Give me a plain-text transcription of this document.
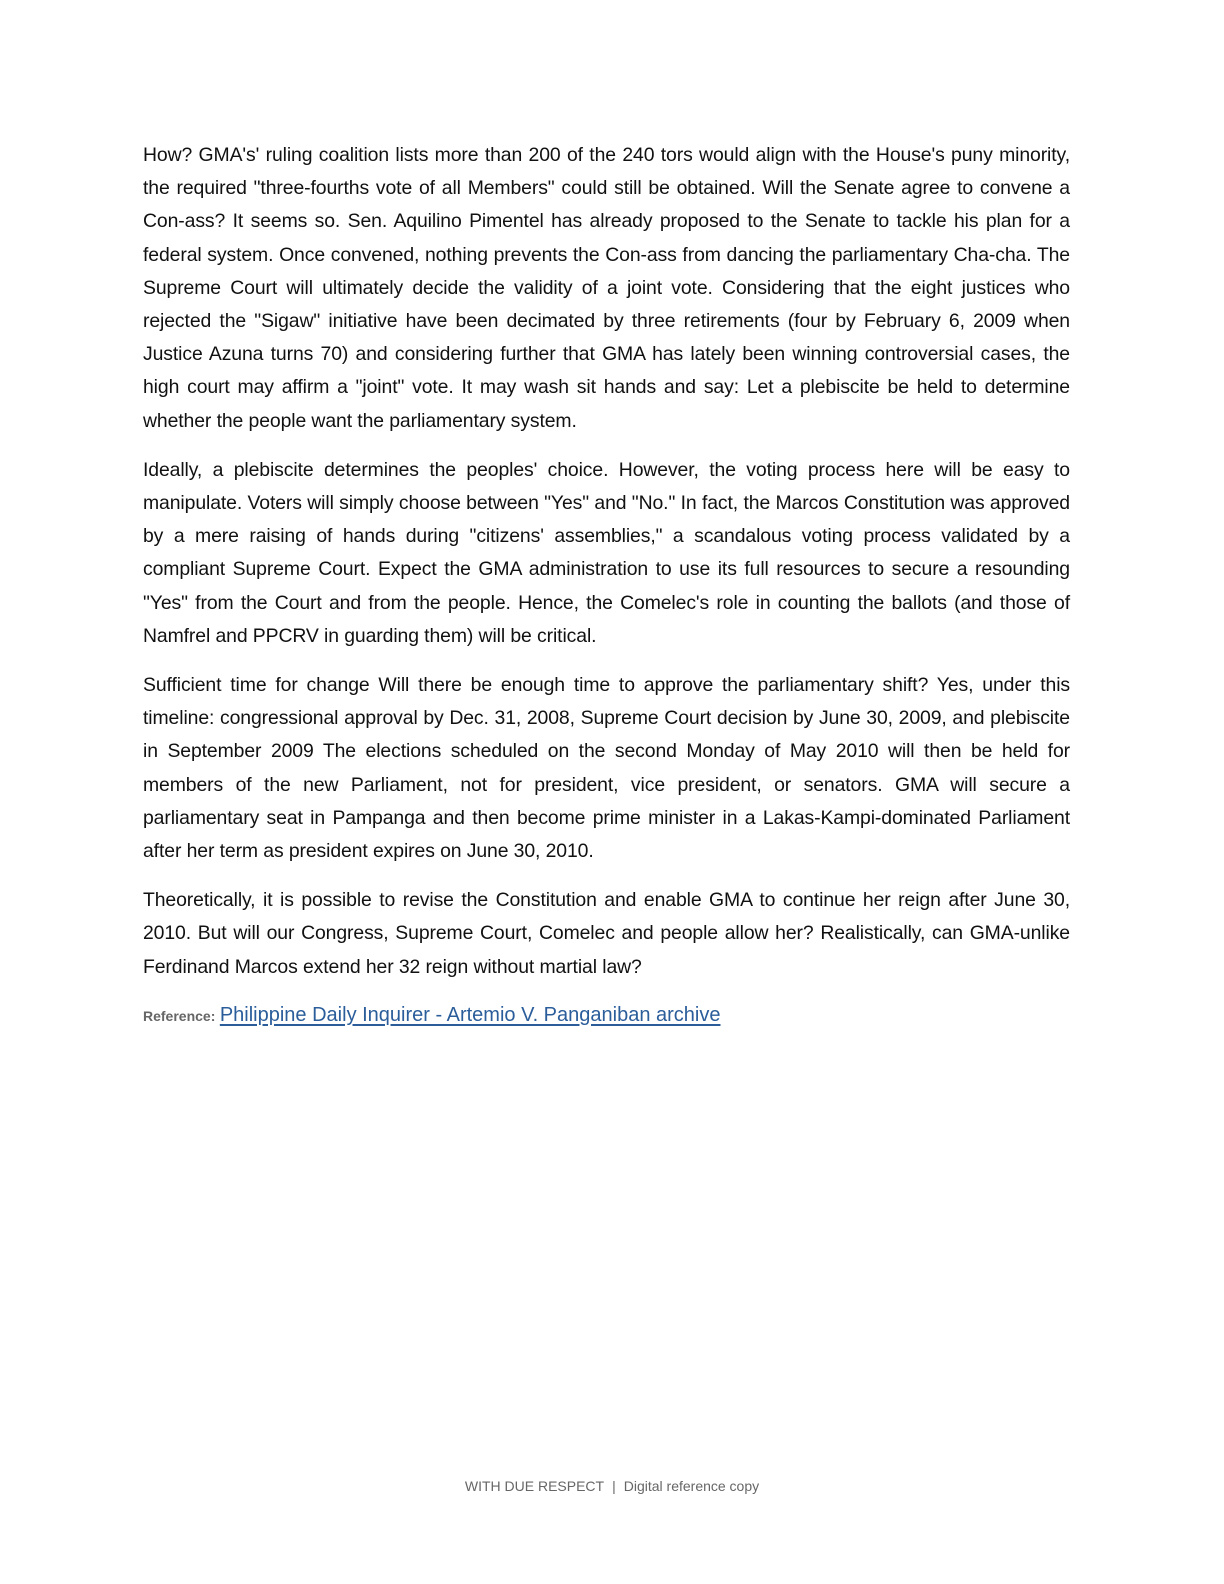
How? GMA's' ruling coalition lists more than 200 of the 240 tors would align with the House's puny minority, the required "three-fourths vote of all Members" could still be obtained. Will the Senate agree to convene a Con-ass? It seems so. Sen. Aquilino Pimentel has already proposed to the Senate to tackle his plan for a federal system. Once convened, nothing prevents the Con-ass from dancing the parliamentary Cha-cha. The Supreme Court will ultimately decide the validity of a joint vote. Considering that the eight justices who rejected the "Sigaw" initiative have been decimated by three retirements (four by February 6, 2009 when Justice Azuna turns 70) and considering further that GMA has lately been winning controversial cases, the high court may affirm a "joint" vote. It may wash sit hands and say: Let a plebiscite be held to determine whether the people want the parliamentary system.

Ideally, a plebiscite determines the peoples' choice. However, the voting process here will be easy to manipulate. Voters will simply choose between "Yes" and "No." In fact, the Marcos Constitution was approved by a mere raising of hands during "citizens' assemblies," a scandalous voting process validated by a compliant Supreme Court. Expect the GMA administration to use its full resources to secure a resounding "Yes" from the Court and from the people. Hence, the Comelec's role in counting the ballots (and those of Namfrel and PPCRV in guarding them) will be critical.

Sufficient time for change Will there be enough time to approve the parliamentary shift? Yes, under this timeline: congressional approval by Dec. 31, 2008, Supreme Court decision by June 30, 2009, and plebiscite in September 2009 The elections scheduled on the second Monday of May 2010 will then be held for members of the new Parliament, not for president, vice president, or senators. GMA will secure a parliamentary seat in Pampanga and then become prime minister in a Lakas-Kampi-dominated Parliament after her term as president expires on June 30, 2010.

Theoretically, it is possible to revise the Constitution and enable GMA to continue her reign after June 30, 2010. But will our Congress, Supreme Court, Comelec and people allow her? Realistically, can GMA-unlike Ferdinand Marcos extend her 32 reign without martial law?

Reference: Philippine Daily Inquirer - Artemio V. Panganiban archive
WITH DUE RESPECT | Digital reference copy
